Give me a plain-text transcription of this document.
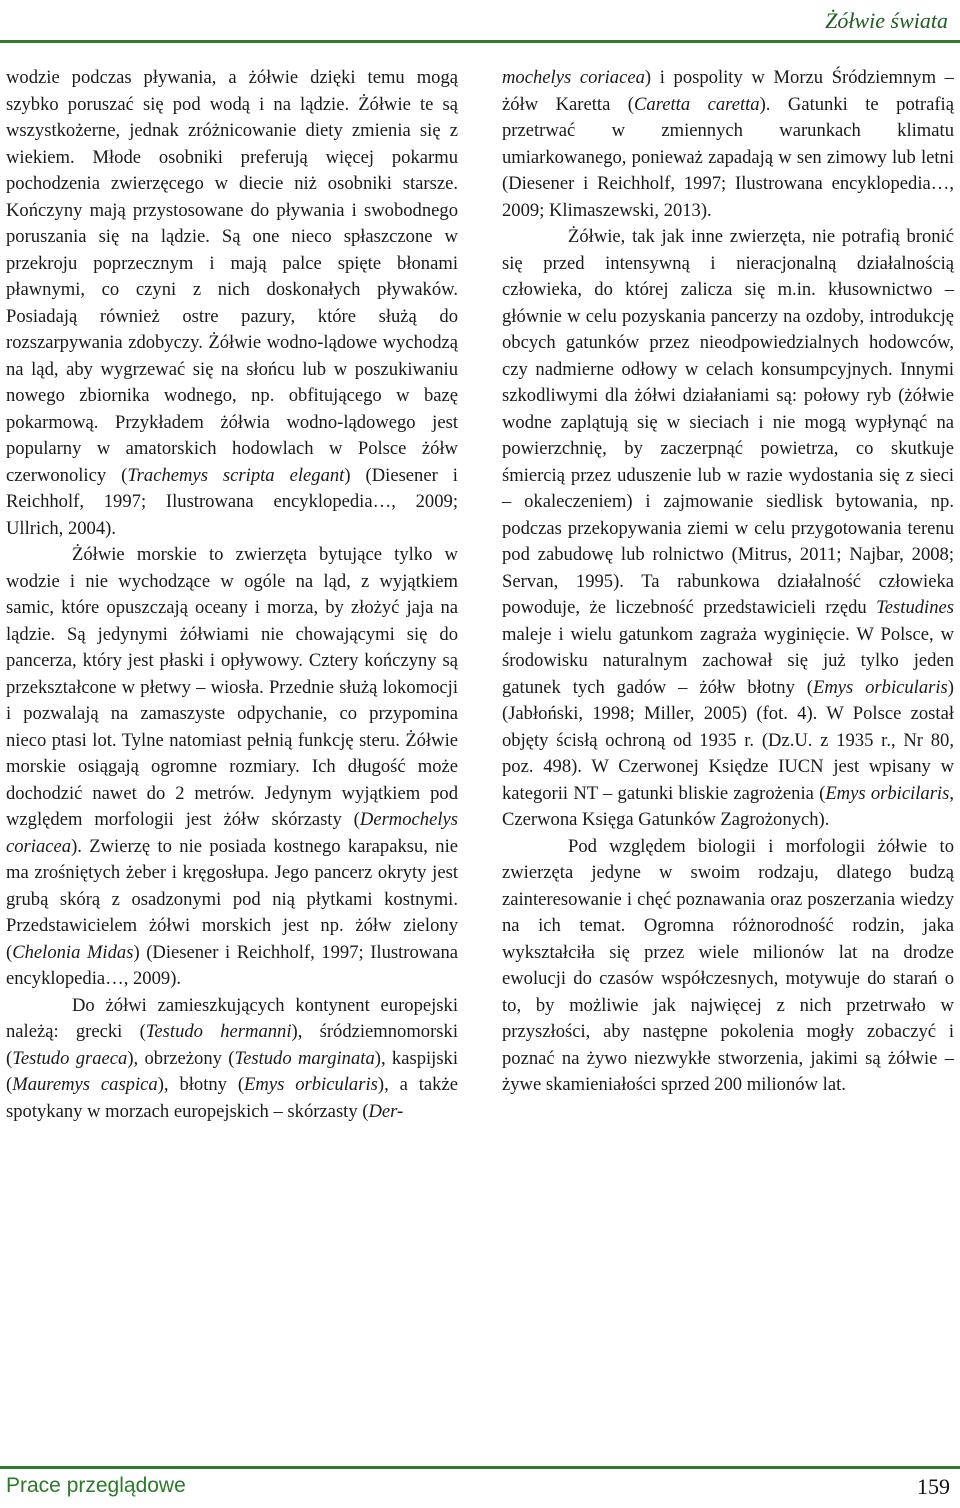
Żółwie świata

wodzie podczas pływania, a żółwie dzięki temu mogą szybko poruszać się pod wodą i na lądzie. Żółwie te są wszystkożerne, jednak zróżnicowanie diety zmienia się z wiekiem. Młode osobniki preferują więcej pokarmu pochodzenia zwierzęcego w diecie niż osobniki starsze. Kończyny mają przystosowane do pływania i swobodnego poruszania się na lądzie. Są one nieco spłaszczone w przekroju poprzecznym i mają palce spięte błonami pławnymi, co czyni z nich doskonałych pływaków. Posiadają również ostre pazury, które służą do rozszarpywania zdobyczy. Żółwie wodno-lądowe wychodzą na ląd, aby wygrzewać się na słońcu lub w poszukiwaniu nowego zbiornika wodnego, np. obfitującego w bazę pokarmową. Przykładem żółwia wodno-lądowego jest popularny w amatorskich hodowlach w Polsce żółw czerwonolicy (Trachemys scripta elegant) (Diesener i Reichholf, 1997; Ilustrowana encyklopedia…, 2009; Ullrich, 2004).

Żółwie morskie to zwierzęta bytujące tylko w wodzie i nie wychodzące w ogóle na ląd, z wyjątkiem samic, które opuszczają oceany i morza, by złożyć jaja na lądzie. Są jedynymi żółwiami nie chowającymi się do pancerza, który jest płaski i opływowy. Cztery kończyny są przekształcone w płetwy – wiosła. Przednie służą lokomocji i pozwalają na zamaszyste odpychanie, co przypomina nieco ptasi lot. Tylne natomiast pełnią funkcję steru. Żółwie morskie osiągają ogromne rozmiary. Ich długość może dochodzić nawet do 2 metrów. Jedynym wyjątkiem pod względem morfologii jest żółw skórzasty (Dermochelys coriacea). Zwierzę to nie posiada kostnego karapaksu, nie ma zrośniętych żeber i kręgosłupa. Jego pancerz okryty jest grubą skórą z osadzonymi pod nią płytkami kostnymi. Przedstawicielem żółwi morskich jest np. żółw zielony (Chelonia Midas) (Diesener i Reichholf, 1997; Ilustrowana encyklopedia…, 2009).

Do żółwi zamieszkujących kontynent europejski należą: grecki (Testudo hermanni), śródziemnomorski (Testudo graeca), obrzeżony (Testudo marginata), kaspijski (Mauremys caspica), błotny (Emys orbicularis), a także spotykany w morzach europejskich – skórzasty (Der-

mochelys coriacea) i pospolity w Morzu Śródziemnym – żółw Karetta (Caretta caretta). Gatunki te potrafią przetrwać w zmiennych warunkach klimatu umiarkowanego, ponieważ zapadają w sen zimowy lub letni (Diesener i Reichholf, 1997; Ilustrowana encyklopedia…, 2009; Klimaszewski, 2013).

Żółwie, tak jak inne zwierzęta, nie potrafią bronić się przed intensywną i nieracjonalną działalnością człowieka, do której zalicza się m.in. kłusownictwo – głównie w celu pozyskania pancerzy na ozdoby, introdukcję obcych gatunków przez nieodpowiedzialnych hodowców, czy nadmierne odłowy w celach konsumpcyjnych. Innymi szkodliwymi dla żółwi działaniami są: połowy ryb (żółwie wodne zaplątują się w sieciach i nie mogą wypłynąć na powierzchnię, by zaczerpnąć powietrza, co skutkuje śmiercią przez uduszenie lub w razie wydostania się z sieci – okaleczeniem) i zajmowanie siedlisk bytowania, np. podczas przekopywania ziemi w celu przygotowania terenu pod zabudowę lub rolnictwo (Mitrus, 2011; Najbar, 2008; Servan, 1995). Ta rabunkowa działalność człowieka powoduje, że liczebność przedstawicieli rzędu Testudines maleje i wielu gatunkom zagraża wyginięcie. W Polsce, w środowisku naturalnym zachował się już tylko jeden gatunek tych gadów – żółw błotny (Emys orbicularis) (Jabłoński, 1998; Miller, 2005) (fot. 4). W Polsce został objęty ścisłą ochroną od 1935 r. (Dz.U. z 1935 r., Nr 80, poz. 498). W Czerwonej Księdze IUCN jest wpisany w kategorii NT – gatunki bliskie zagrożenia (Emys orbicilaris, Czerwona Księga Gatunków Zagrożonych).

Pod względem biologii i morfologii żółwie to zwierzęta jedyne w swoim rodzaju, dlatego budzą zainteresowanie i chęć poznawania oraz poszerzania wiedzy na ich temat. Ogromna różnorodność rodzin, jaka wykształciła się przez wiele milionów lat na drodze ewolucji do czasów współczesnych, motywuje do starań o to, by możliwie jak najwięcej z nich przetrwało w przyszłości, aby następne pokolenia mogły zobaczyć i poznać na żywo niezwykłe stworzenia, jakimi są żółwie – żywe skamieniałości sprzed 200 milionów lat.

Prace przeglądowe	159
